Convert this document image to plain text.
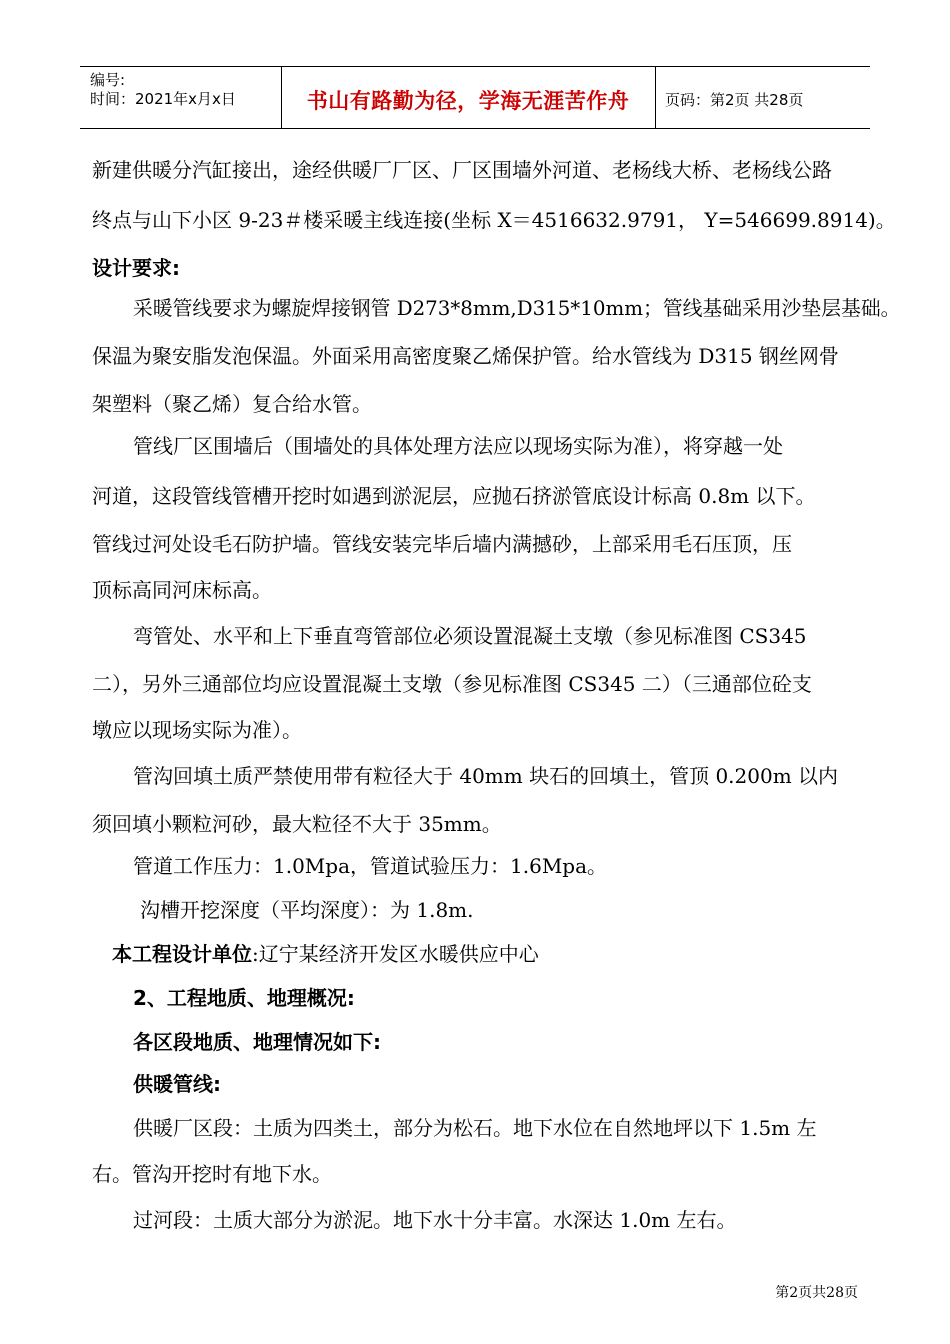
编号:
时间：2021年x月x日	书山有路勤为径，学海无涯苦作舟	页码：第2页 共28页
新建供暖分汽缸接出，途经供暖厂厂区、厂区围墙外河道、老杨线大桥、老杨线公路
终点与山下小区 9-23＃楼采暖主线连接(坐标 X＝4516632.9791， Y=546699.8914)。
设计要求:
采暖管线要求为螺旋焊接钢管 D273*8mm,D315*10mm；管线基础采用沙垫层基础。
保温为聚安脂发泡保温。外面采用高密度聚乙烯保护管。给水管线为 D315 钢丝网骨
架塑料（聚乙烯）复合给水管。
管线厂区围墙后（围墙处的具体处理方法应以现场实际为准），将穿越一处
河道，这段管线管槽开挖时如遇到淤泥层，应抛石挤淤管底设计标高 0.8m 以下。
管线过河处设毛石防护墙。管线安装完毕后墙内满撼砂，上部采用毛石压顶，压
顶标高同河床标高。
弯管处、水平和上下垂直弯管部位必须设置混凝土支墩（参见标准图 CS345
二），另外三通部位均应设置混凝土支墩（参见标准图 CS345 二）（三通部位砼支
墩应以现场实际为准）。
管沟回填土质严禁使用带有粒径大于 40mm 块石的回填土，管顶 0.200m 以内
须回填小颗粒河砂，最大粒径不大于 35mm。
管道工作压力：1.0Mpa，管道试验压力：1.6Mpa。
沟槽开挖深度（平均深度）：为 1.8m.
本工程设计单位:辽宁某经济开发区水暖供应中心
2、工程地质、地理概况:
各区段地质、地理情况如下:
供暖管线:
供暖厂区段：土质为四类土，部分为松石。地下水位在自然地坪以下 1.5m 左
右。管沟开挖时有地下水。
过河段：土质大部分为淤泥。地下水十分丰富。水深达 1.0m 左右。
第2页共28页
